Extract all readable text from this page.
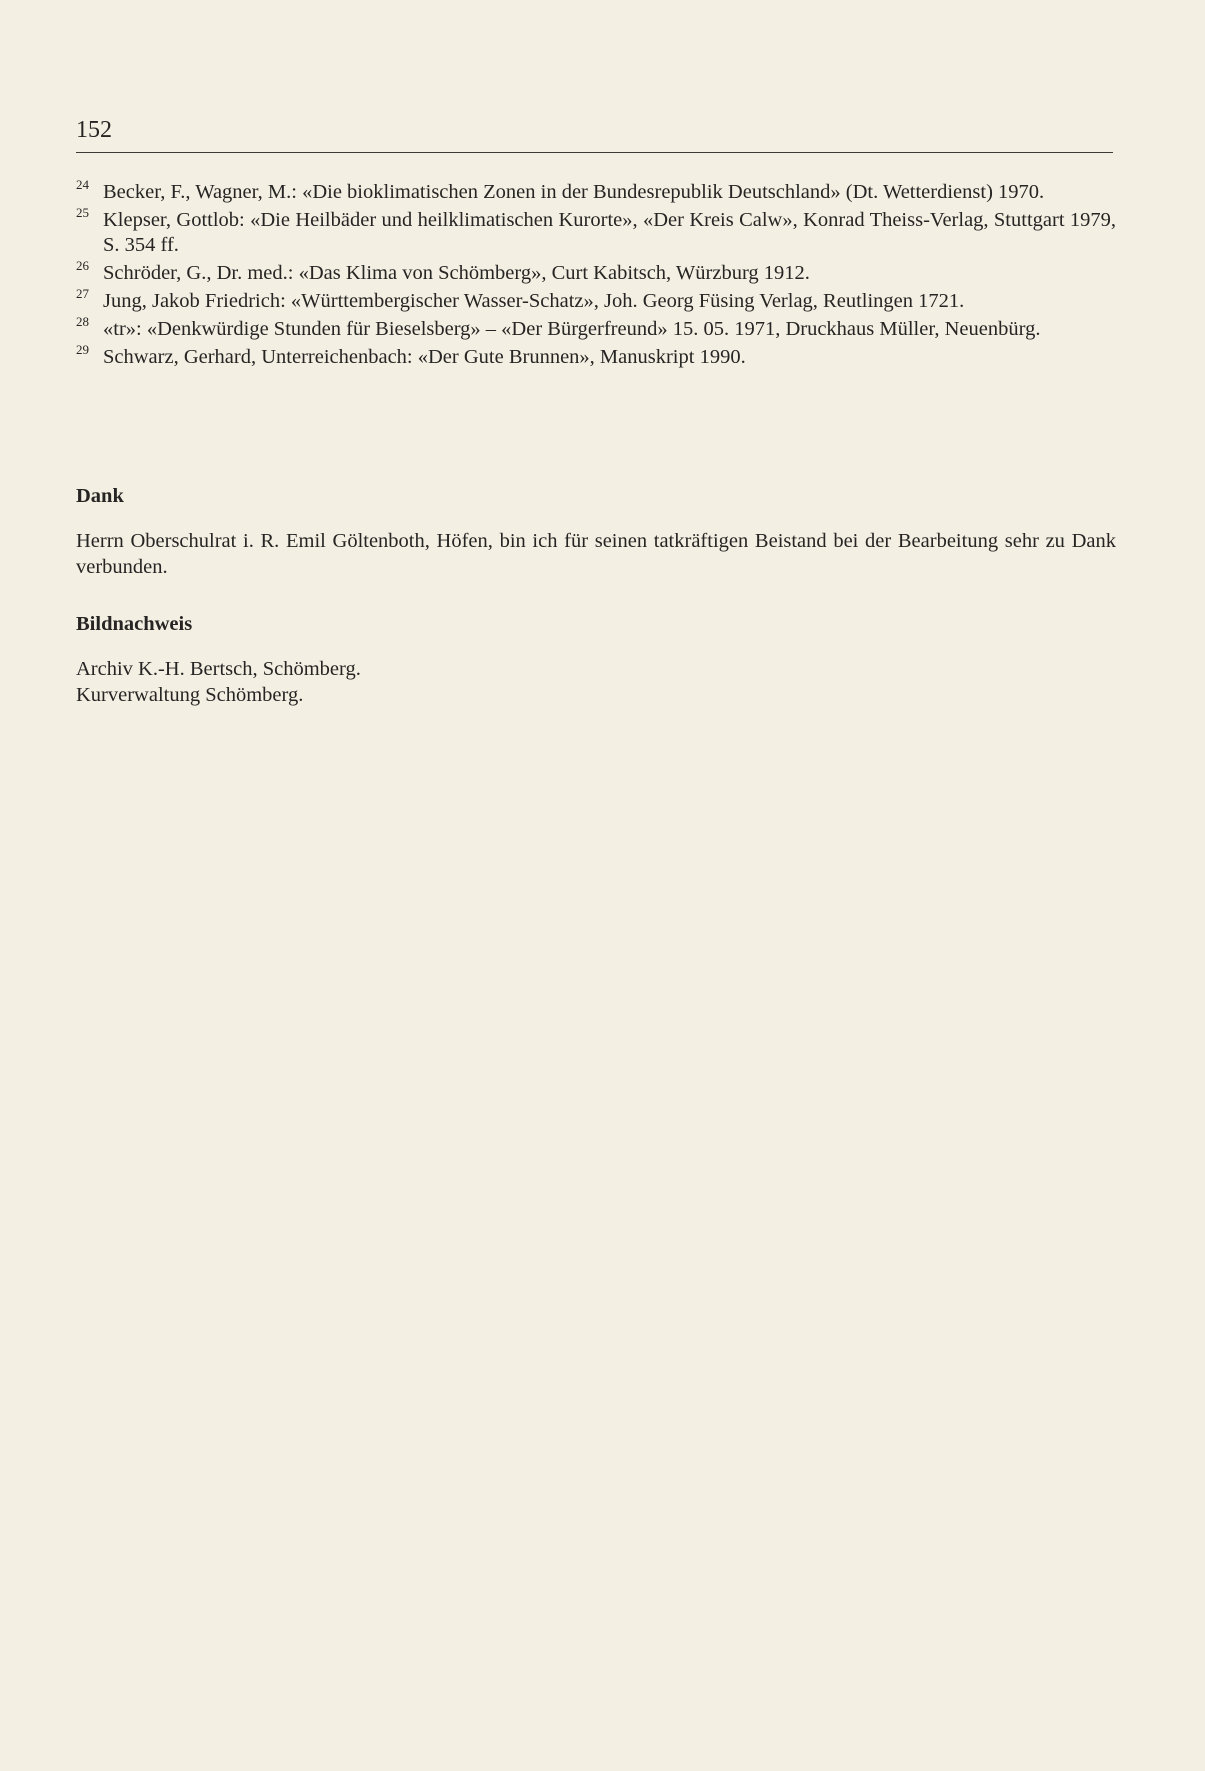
152
24 Becker, F., Wagner, M.: «Die bioklimatischen Zonen in der Bundesrepublik Deutschland» (Dt. Wetterdienst) 1970.
25 Klepser, Gottlob: «Die Heilbäder und heilklimatischen Kurorte», «Der Kreis Calw», Konrad Theiss-Verlag, Stuttgart 1979, S. 354 ff.
26 Schröder, G., Dr. med.: «Das Klima von Schömberg», Curt Kabitsch, Würzburg 1912.
27 Jung, Jakob Friedrich: «Württembergischer Wasser-Schatz», Joh. Georg Füsing Verlag, Reutlingen 1721.
28 «tr»: «Denkwürdige Stunden für Bieselsberg» – «Der Bürgerfreund» 15. 05. 1971, Druckhaus Müller, Neuenbürg.
29 Schwarz, Gerhard, Unterreichenbach: «Der Gute Brunnen», Manuskript 1990.
Dank
Herrn Oberschulrat i. R. Emil Göltenboth, Höfen, bin ich für seinen tatkräftigen Beistand bei der Bearbeitung sehr zu Dank verbunden.
Bildnachweis
Archiv K.-H. Bertsch, Schömberg.
Kurverwaltung Schömberg.
